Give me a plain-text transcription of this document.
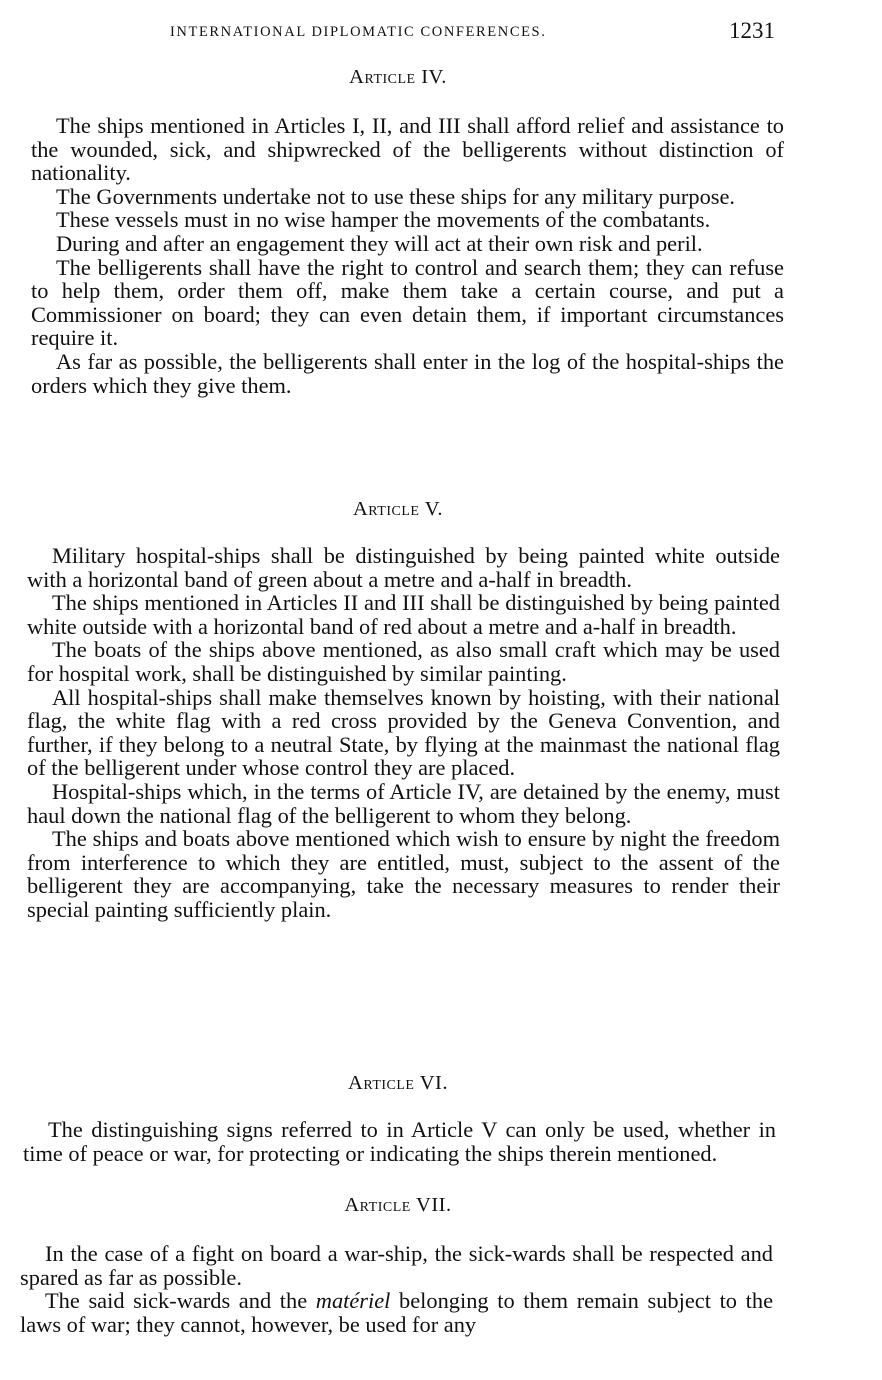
INTERNATIONAL DIPLOMATIC CONFERENCES.	1231
Article IV.

The ships mentioned in Articles I, II, and III shall afford relief and assistance to the wounded, sick, and shipwrecked of the belligerents without distinction of nationality.

The Governments undertake not to use these ships for any military purpose.

These vessels must in no wise hamper the movements of the combatants.

During and after an engagement they will act at their own risk and peril.

The belligerents shall have the right to control and search them; they can refuse to help them, order them off, make them take a certain course, and put a Commissioner on board; they can even detain them, if important circumstances require it.

As far as possible, the belligerents shall enter in the log of the hospital-ships the orders which they give them.

Article V.

Military hospital-ships shall be distinguished by being painted white outside with a horizontal band of green about a metre and a-half in breadth.

The ships mentioned in Articles II and III shall be distinguished by being painted white outside with a horizontal band of red about a metre and a-half in breadth.

The boats of the ships above mentioned, as also small craft which may be used for hospital work, shall be distinguished by similar painting.

All hospital-ships shall make themselves known by hoisting, with their national flag, the white flag with a red cross provided by the Geneva Convention, and further, if they belong to a neutral State, by flying at the mainmast the national flag of the belligerent under whose control they are placed.

Hospital-ships which, in the terms of Article IV, are detained by the enemy, must haul down the national flag of the belligerent to whom they belong.

The ships and boats above mentioned which wish to ensure by night the freedom from interference to which they are entitled, must, subject to the assent of the belligerent they are accompanying, take the necessary measures to render their special painting sufficiently plain.

Article VI.

The distinguishing signs referred to in Article V can only be used, whether in time of peace or war, for protecting or indicating the ships therein mentioned.

Article VII.

In the case of a fight on board a war-ship, the sick-wards shall be respected and spared as far as possible.

The said sick-wards and the matériel belonging to them remain subject to the laws of war; they cannot, however, be used for any
